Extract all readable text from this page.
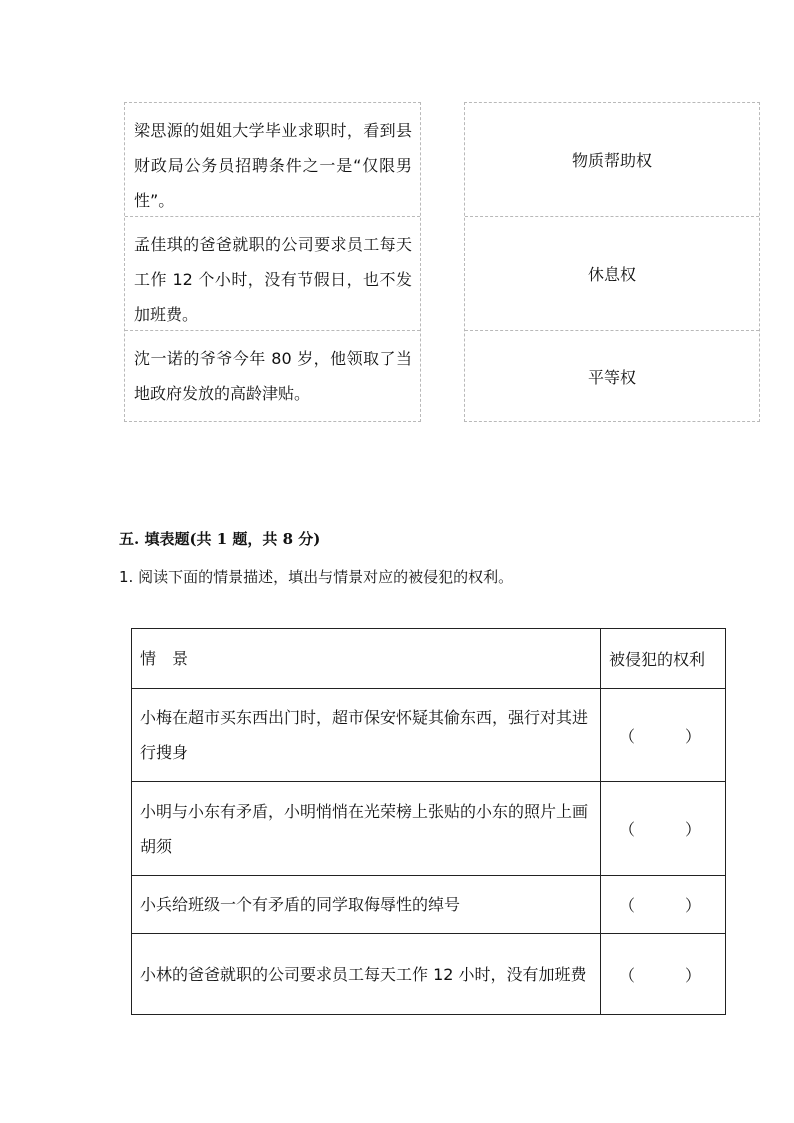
梁思源的姐姐大学毕业求职时，看到县财政局公务员招聘条件之一是“仅限男性”。
孟佳琪的爸爸就职的公司要求员工每天工作 12 个小时，没有节假日，也不发加班费。
沈一诺的爷爷今年 80 岁，他领取了当地政府发放的高龄津贴。
物质帮助权
休息权
平等权
五. 填表题(共 1 题，共 8 分)
1. 阅读下面的情景描述，填出与情景对应的被侵犯的权利。
情　景	被侵犯的权利
小梅在超市买东西出门时，超市保安怀疑其偷东西，强行对其进行搜身	（ ）
小明与小东有矛盾，小明悄悄在光荣榜上张贴的小东的照片上画胡须	（ ）
小兵给班级一个有矛盾的同学取侮辱性的绰号	（ ）
小林的爸爸就职的公司要求员工每天工作 12 小时，没有加班费	（ ）
